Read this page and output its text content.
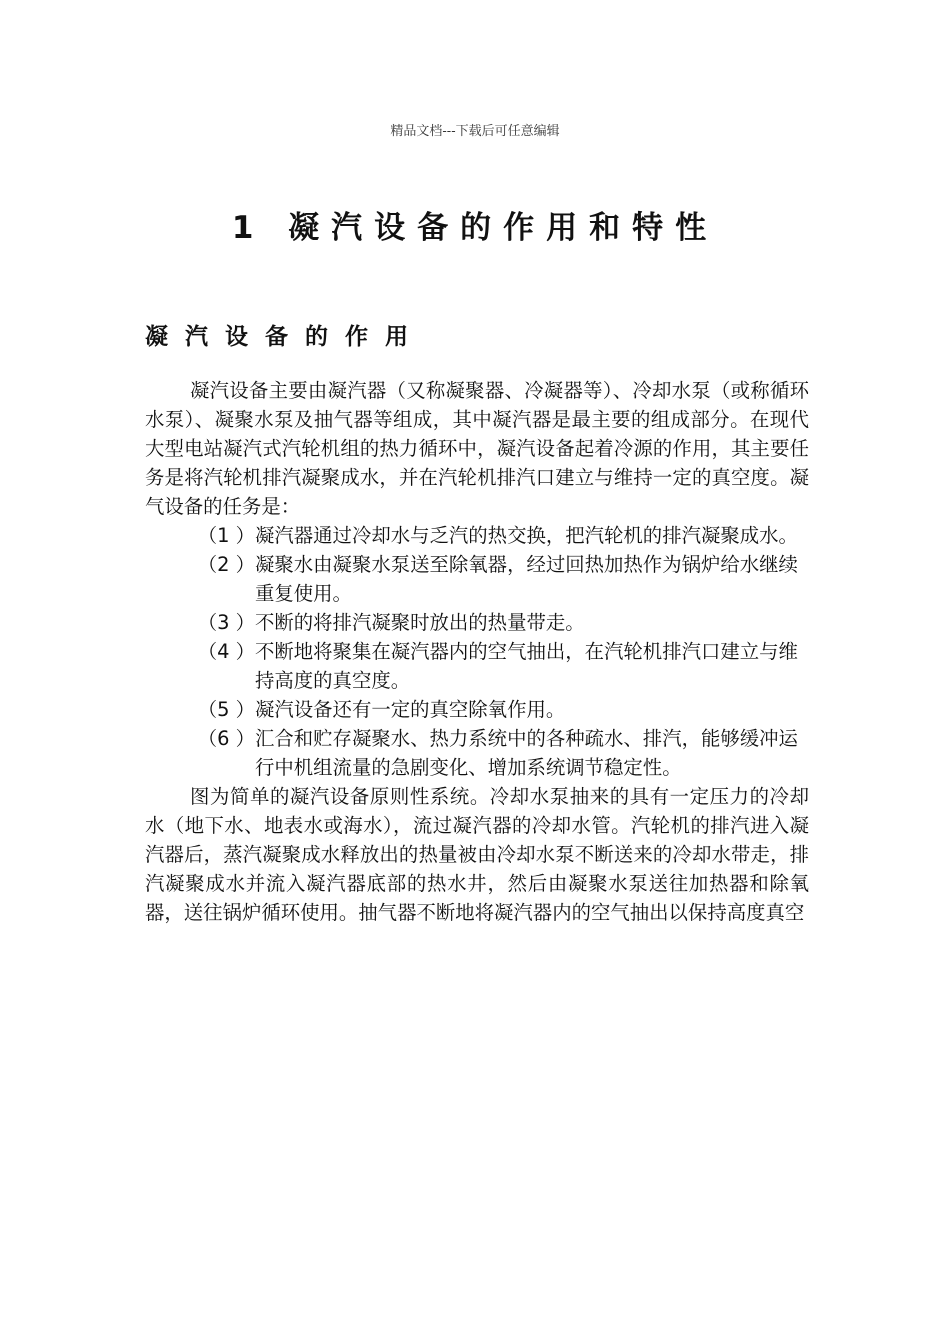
精品文档---下载后可任意编辑
1 凝汽设备的作用和特性
凝汽设备的作用
凝汽设备主要由凝汽器（又称凝聚器、冷凝器等）、冷却水泵（或称循环水泵）、凝聚水泵及抽气器等组成，其中凝汽器是最主要的组成部分。在现代大型电站凝汽式汽轮机组的热力循环中，凝汽设备起着冷源的作用，其主要任务是将汽轮机排汽凝聚成水，并在汽轮机排汽口建立与维持一定的真空度。凝气设备的任务是：
（1 ） 凝汽器通过冷却水与乏汽的热交换，把汽轮机的排汽凝聚成水。
（2 ） 凝聚水由凝聚水泵送至除氧器，经过回热加热作为锅炉给水继续重复使用。
（3 ） 不断的将排汽凝聚时放出的热量带走。
（4 ） 不断地将聚集在凝汽器内的空气抽出，在汽轮机排汽口建立与维持高度的真空度。
（5 ） 凝汽设备还有一定的真空除氧作用。
（6 ） 汇合和贮存凝聚水、热力系统中的各种疏水、排汽，能够缓冲运行中机组流量的急剧变化、增加系统调节稳定性。
图为简单的凝汽设备原则性系统。冷却水泵抽来的具有一定压力的冷却水（地下水、地表水或海水），流过凝汽器的冷却水管。汽轮机的排汽进入凝汽器后，蒸汽凝聚成水释放出的热量被由冷却水泵不断送来的冷却水带走，排汽凝聚成水并流入凝汽器底部的热水井，然后由凝聚水泵送往加热器和除氧器，送往锅炉循环使用。抽气器不断地将凝汽器内的空气抽出以保持高度真空
